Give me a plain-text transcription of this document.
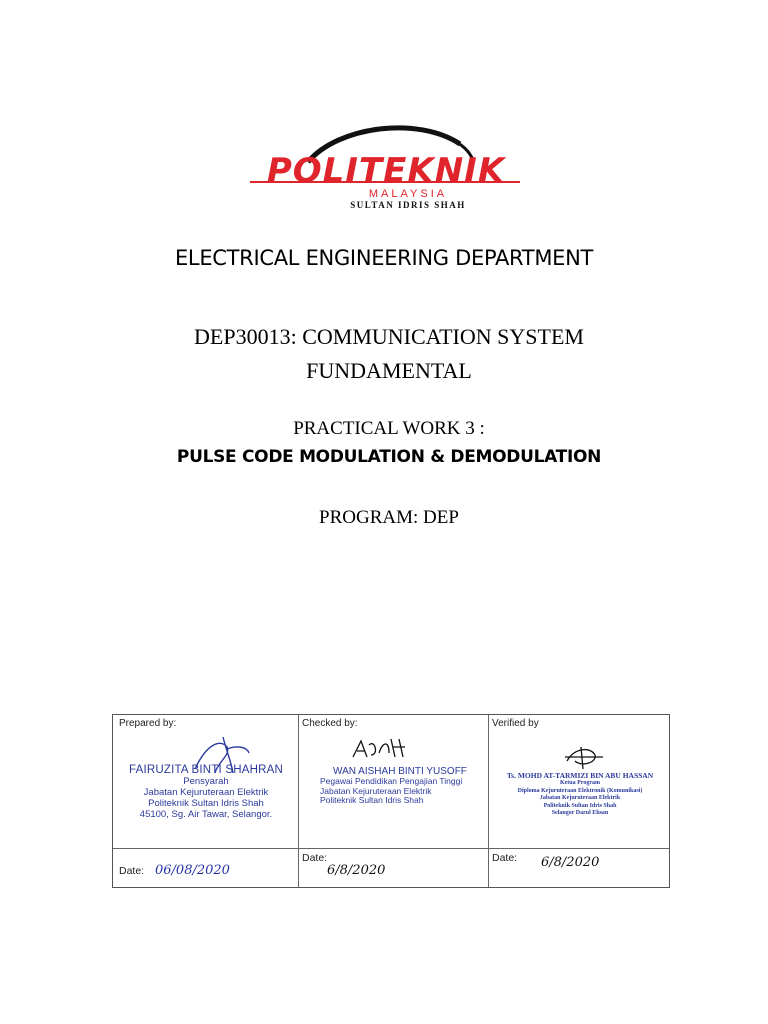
POLITEKNIK
MALAYSIA
SULTAN IDRIS SHAH
ELECTRICAL ENGINEERING DEPARTMENT
DEP30013: COMMUNICATION SYSTEM
FUNDAMENTAL
PRACTICAL WORK 3 :
PULSE CODE MODULATION & DEMODULATION
PROGRAM: DEP
Prepared by:
FAIRUZITA BINTI SHAHRAN
Pensyarah
Jabatan Kejuruteraan Elektrik
Politeknik Sultan Idris Shah
45100, Sg. Air Tawar, Selangor.
Date: 06/08/2020
Checked by:
WAN AISHAH BINTI YUSOFF
Pegawai Pendidikan Pengajian Tinggi
Jabatan Kejuruteraan Elektrik
Politeknik Sultan Idris Shah
Date:
6/8/2020
Verified by
Ts. MOHD AT-TARMIZI BIN ABU HASSAN
Ketua Program
Diploma Kejuruteraan Elektronik (Komunikasi)
Jabatan Kejuruteraan Elektrik
Politeknik Sultan Idris Shah
Selangor Darul Ehsan
Date: 6/8/2020
